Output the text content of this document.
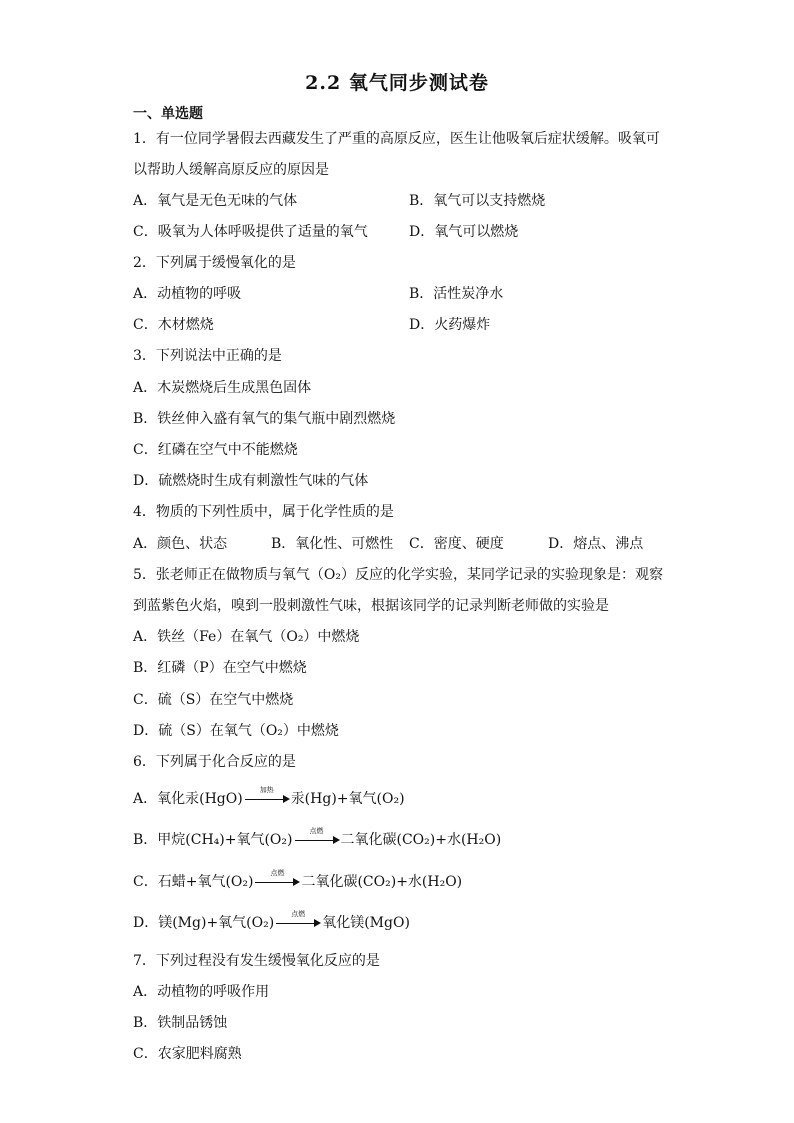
2.2 氧气同步测试卷
一、单选题
1．有一位同学暑假去西藏发生了严重的高原反应，医生让他吸氧后症状缓解。吸氧可
以帮助人缓解高原反应的原因是
A．氧气是无色无味的气体	B．氧气可以支持燃烧
C．吸氧为人体呼吸提供了适量的氧气	D．氧气可以燃烧
2．下列属于缓慢氧化的是
A．动植物的呼吸	B．活性炭净水
C．木材燃烧	D．火药爆炸
3．下列说法中正确的是
A．木炭燃烧后生成黑色固体
B．铁丝伸入盛有氧气的集气瓶中剧烈燃烧
C．红磷在空气中不能燃烧
D．硫燃烧时生成有刺激性气味的气体
4．物质的下列性质中，属于化学性质的是
A．颜色、状态	B．氧化性、可燃性 C．密度、硬度	D．熔点、沸点
5．张老师正在做物质与氧气（O₂）反应的化学实验，某同学记录的实验现象是：观察
到蓝紫色火焰，嗅到一股刺激性气味，根据该同学的记录判断老师做的实验是
A．铁丝（Fe）在氧气（O₂）中燃烧
B．红磷（P）在空气中燃烧
C．硫（S）在空气中燃烧
D．硫（S）在氧气（O₂）中燃烧
6．下列属于化合反应的是
A．氧化汞(HgO)
加热
汞(Hg)+氧气(O₂)
B．甲烷(CH₄)+氧气(O₂)
点燃
二氧化碳(CO₂)+水(H₂O)
C．石蜡+氧气(O₂)
点燃
二氧化碳(CO₂)+水(H₂O)
D．镁(Mg)+氧气(O₂)
点燃
氧化镁(MgO)
7．下列过程没有发生缓慢氧化反应的是
A．动植物的呼吸作用
B．铁制品锈蚀
C．农家肥料腐熟
